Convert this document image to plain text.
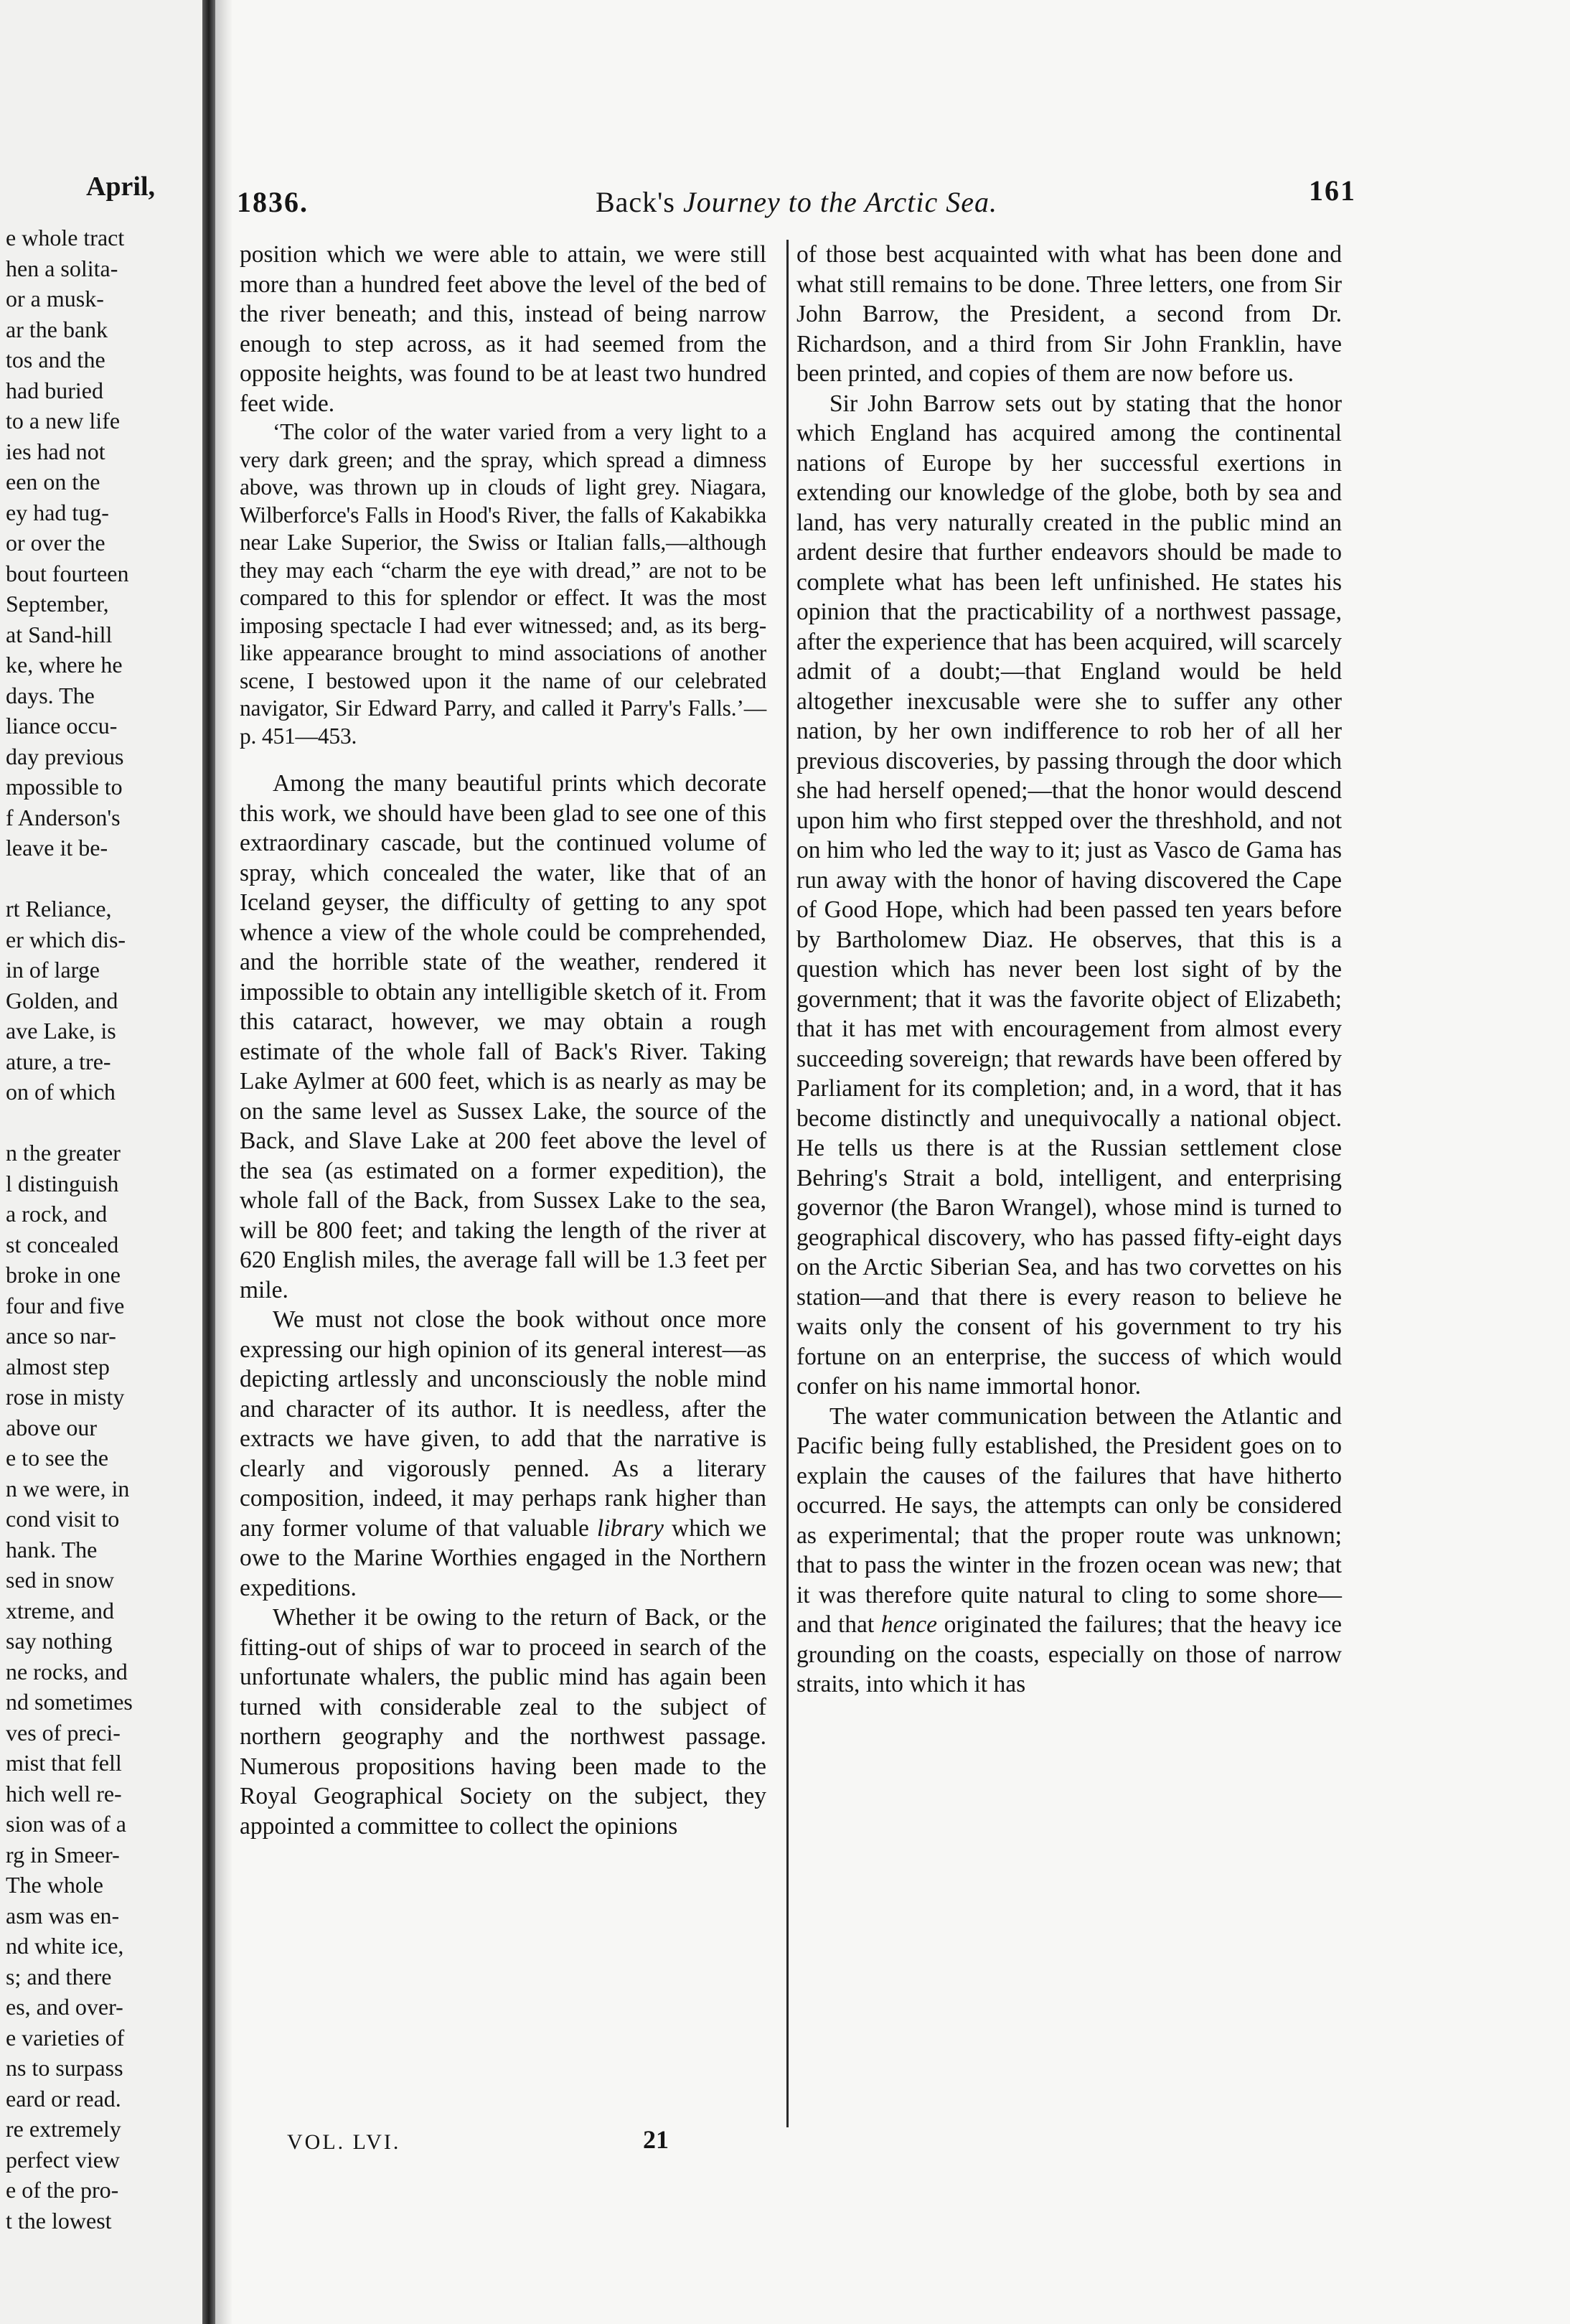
April,
e whole tract
hen a solita-
or a musk-
ar the bank
tos and the
had buried
to a new life
ies had not
een on the
ey had tug-
or over the
bout fourteen
September,
at Sand-hill
ke, where he
days. The
liance occu-
day previous
mpossible to
f Anderson's
leave it be-
rt Reliance,
er which dis-
in of large
Golden, and
ave Lake, is
ature, a tre-
on of which
n the greater
l distinguish
a rock, and
st concealed
broke in one
four and five
ance so nar-
almost step
rose in misty
above our
e to see the
n we were, in
cond visit to
hank. The
sed in snow
xtreme, and
say nothing
ne rocks, and
nd sometimes
ves of preci-
mist that fell
hich well re-
sion was of a
rg in Smeer-
The whole
asm was en-
nd white ice,
s; and there
es, and over-
e varieties of
ns to surpass
eard or read.
re extremely
perfect view
e of the pro-
t the lowest
1836.	Back's Journey to the Arctic Sea.	161

position which we were able to attain, we were still more than a hundred feet above the level of the bed of the river beneath; and this, instead of being narrow enough to step across, as it had seemed from the opposite heights, was found to be at least two hundred feet wide.

‘The color of the water varied from a very light to a very dark green; and the spray, which spread a dimness above, was thrown up in clouds of light grey. Niagara, Wilberforce's Falls in Hood's River, the falls of Kakabikka near Lake Superior, the Swiss or Italian falls,—although they may each “charm the eye with dread,” are not to be compared to this for splendor or effect. It was the most imposing spectacle I had ever witnessed; and, as its berg-like appearance brought to mind associations of another scene, I bestowed upon it the name of our celebrated navigator, Sir Edward Parry, and called it Parry's Falls.’—p. 451—453.

Among the many beautiful prints which decorate this work, we should have been glad to see one of this extraordinary cascade, but the continued volume of spray, which concealed the water, like that of an Iceland geyser, the difficulty of getting to any spot whence a view of the whole could be comprehended, and the horrible state of the weather, rendered it impossible to obtain any intelligible sketch of it. From this cataract, however, we may obtain a rough estimate of the whole fall of Back's River. Taking Lake Aylmer at 600 feet, which is as nearly as may be on the same level as Sussex Lake, the source of the Back, and Slave Lake at 200 feet above the level of the sea (as estimated on a former expedition), the whole fall of the Back, from Sussex Lake to the sea, will be 800 feet; and taking the length of the river at 620 English miles, the average fall will be 1.3 feet per mile.

We must not close the book without once more expressing our high opinion of its general interest—as depicting artlessly and unconsciously the noble mind and character of its author. It is needless, after the extracts we have given, to add that the narrative is clearly and vigorously penned. As a literary composition, indeed, it may perhaps rank higher than any former volume of that valuable library which we owe to the Marine Worthies engaged in the Northern expeditions.

Whether it be owing to the return of Back, or the fitting-out of ships of war to proceed in search of the unfortunate whalers, the public mind has again been turned with considerable zeal to the subject of northern geography and the northwest passage. Numerous propositions having been made to the Royal Geographical Society on the subject, they appointed a committee to collect the opinions

of those best acquainted with what has been done and what still remains to be done. Three letters, one from Sir John Barrow, the President, a second from Dr. Richardson, and a third from Sir John Franklin, have been printed, and copies of them are now before us.

Sir John Barrow sets out by stating that the honor which England has acquired among the continental nations of Europe by her successful exertions in extending our knowledge of the globe, both by sea and land, has very naturally created in the public mind an ardent desire that further endeavors should be made to complete what has been left unfinished. He states his opinion that the practicability of a northwest passage, after the experience that has been acquired, will scarcely admit of a doubt;—that England would be held altogether inexcusable were she to suffer any other nation, by her own indifference to rob her of all her previous discoveries, by passing through the door which she had herself opened;—that the honor would descend upon him who first stepped over the threshhold, and not on him who led the way to it; just as Vasco de Gama has run away with the honor of having discovered the Cape of Good Hope, which had been passed ten years before by Bartholomew Diaz. He observes, that this is a question which has never been lost sight of by the government; that it was the favorite object of Elizabeth; that it has met with encouragement from almost every succeeding sovereign; that rewards have been offered by Parliament for its completion; and, in a word, that it has become distinctly and unequivocally a national object. He tells us there is at the Russian settlement close Behring's Strait a bold, intelligent, and enterprising governor (the Baron Wrangel), whose mind is turned to geographical discovery, who has passed fifty-eight days on the Arctic Siberian Sea, and has two corvettes on his station—and that there is every reason to believe he waits only the consent of his government to try his fortune on an enterprise, the success of which would confer on his name immortal honor.

The water communication between the Atlantic and Pacific being fully established, the President goes on to explain the causes of the failures that have hitherto occurred. He says, the attempts can only be considered as experimental; that the proper route was unknown; that to pass the winter in the frozen ocean was new; that it was therefore quite natural to cling to some shore—and that hence originated the failures; that the heavy ice grounding on the coasts, especially on those of narrow straits, into which it has

VOL. LVI.	21
